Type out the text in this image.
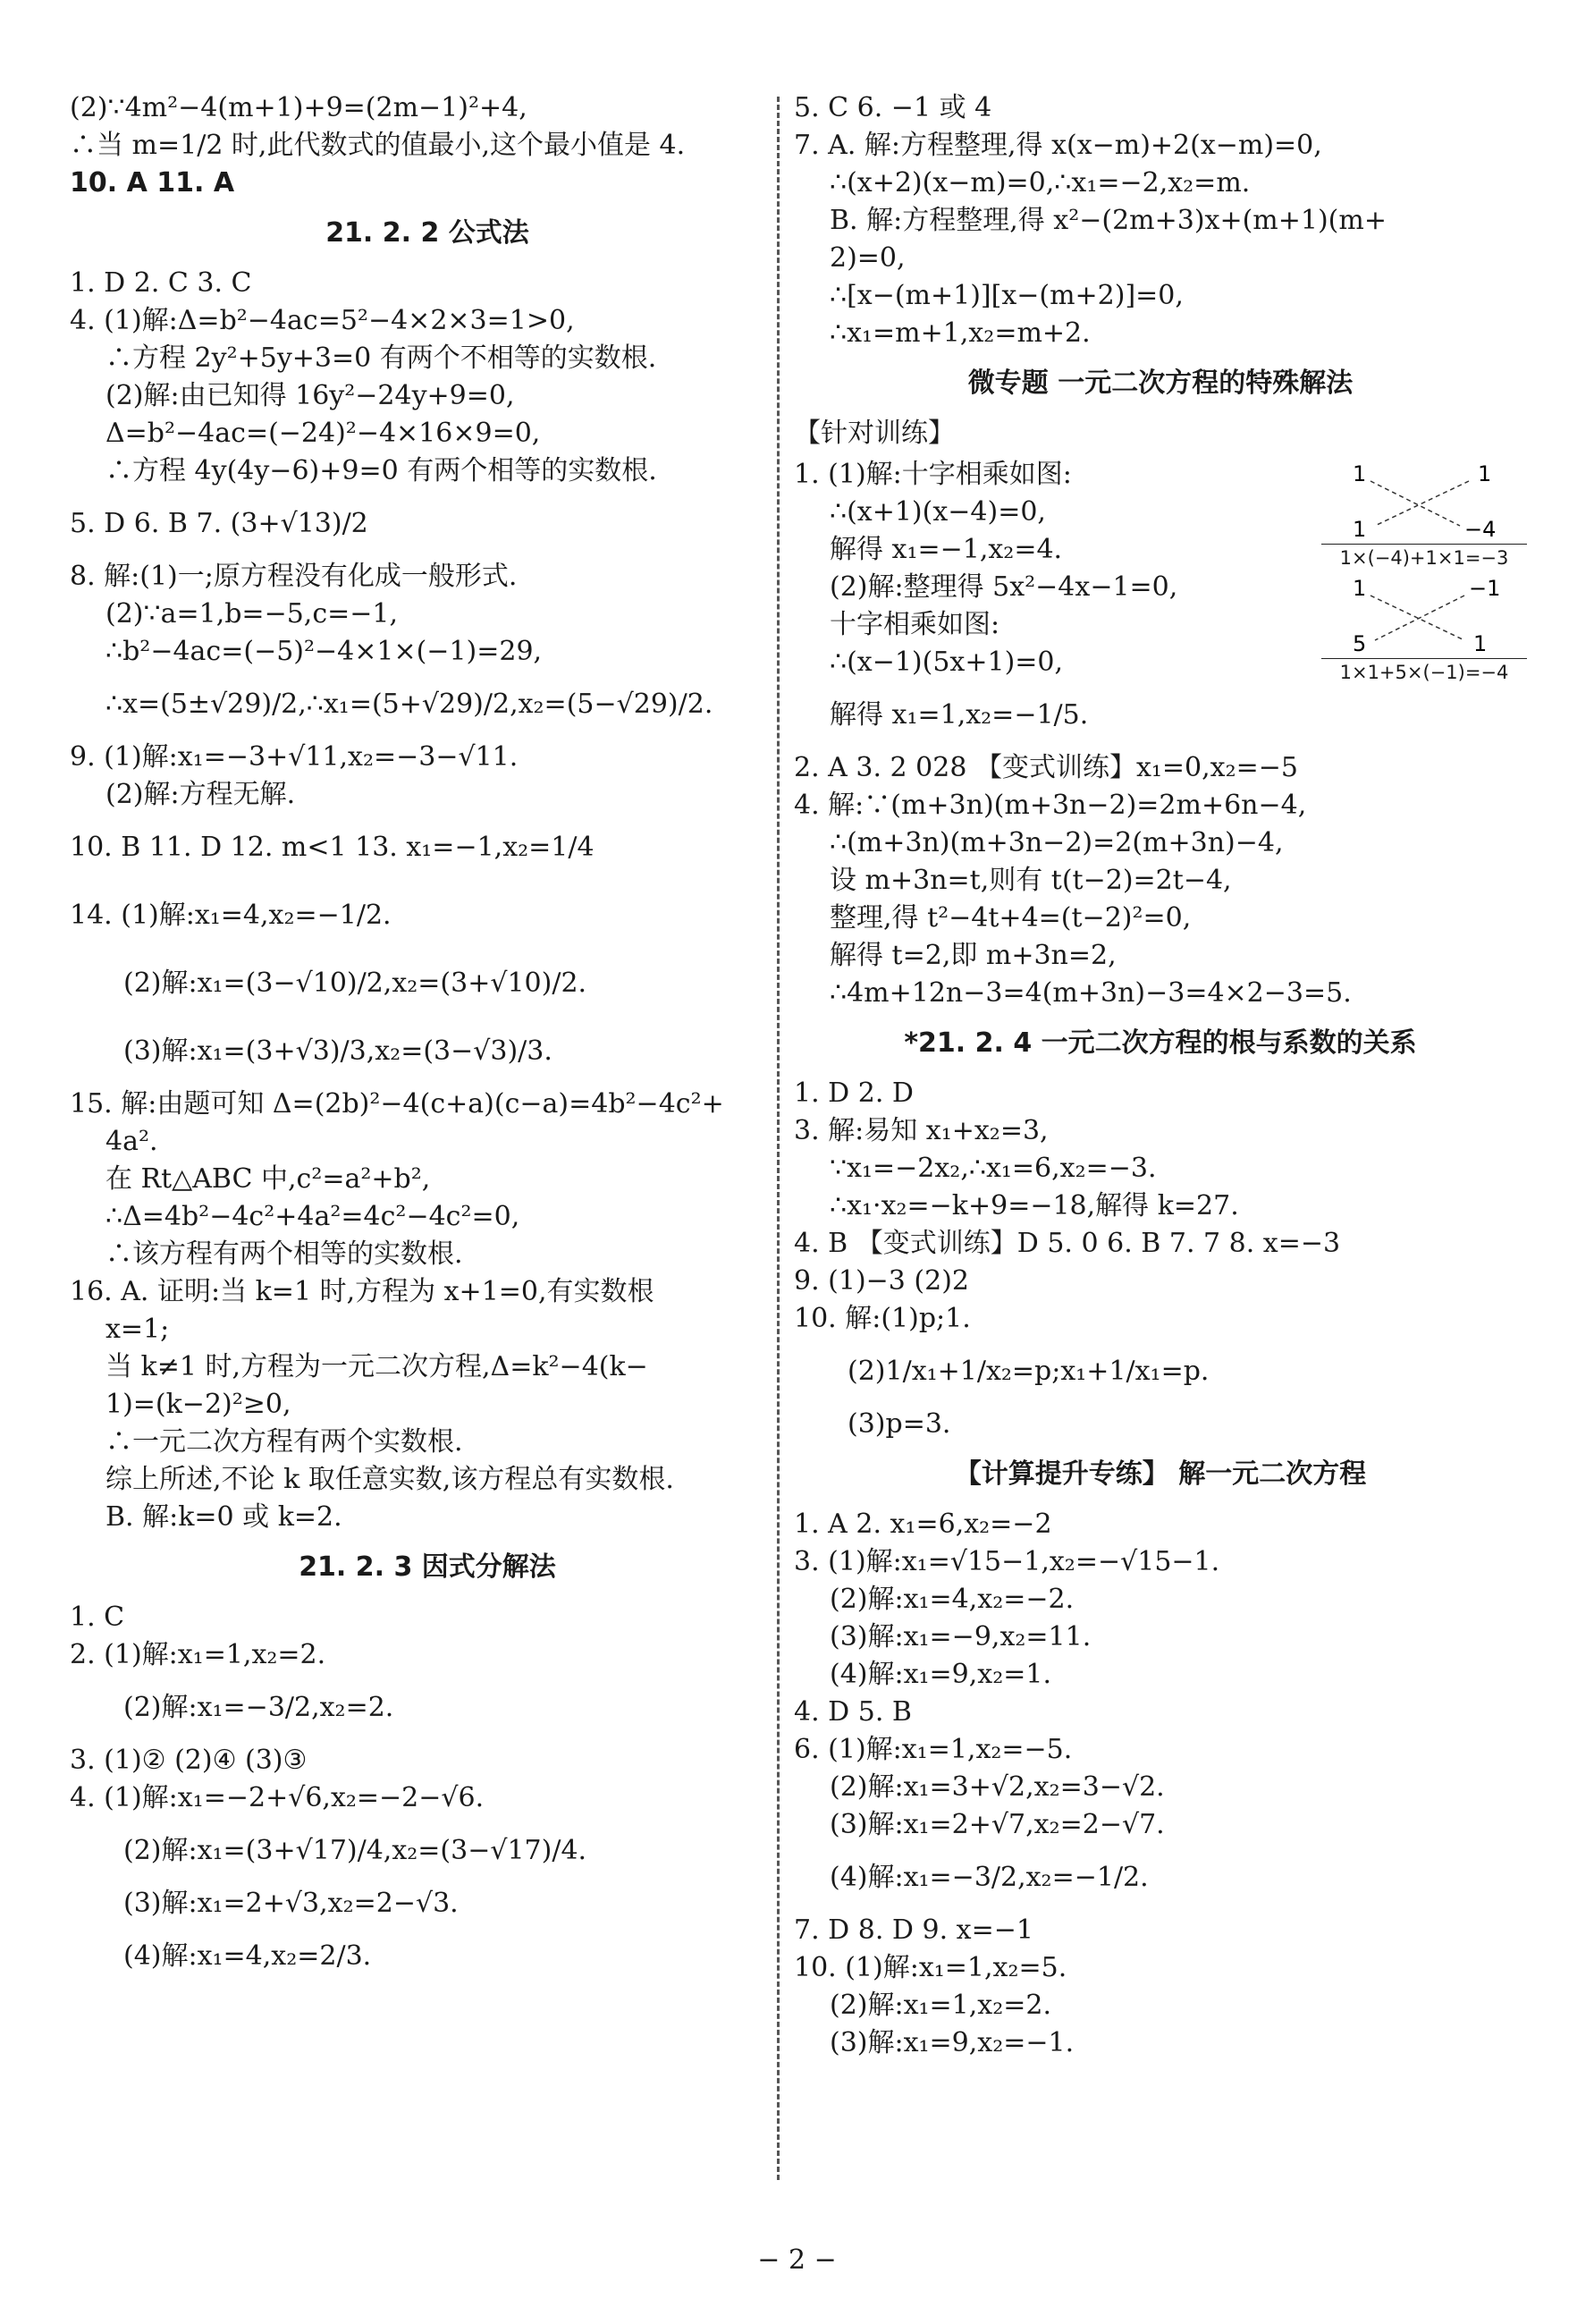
(2)∵4m²−4(m+1)+9=(2m−1)²+4,
∴当 m=1/2 时,此代数式的值最小,这个最小值是 4.
10. A 11. A
21. 2. 2 公式法
1. D 2. C 3. C
4. (1)解:Δ=b²−4ac=5²−4×2×3=1>0,
∴方程 2y²+5y+3=0 有两个不相等的实数根.
(2)解:由已知得 16y²−24y+9=0,
Δ=b²−4ac=(−24)²−4×16×9=0,
∴方程 4y(4y−6)+9=0 有两个相等的实数根.
5. D 6. B 7. (3+√13)/2
8. 解:(1)一;原方程没有化成一般形式.
(2)∵a=1,b=−5,c=−1,
∴b²−4ac=(−5)²−4×1×(−1)=29,
∴x=(5±√29)/2,∴x₁=(5+√29)/2,x₂=(5−√29)/2.
9. (1)解:x₁=−3+√11,x₂=−3−√11.
(2)解:方程无解.
10. B 11. D 12. m<1 13. x₁=−1,x₂=1/4
14. (1)解:x₁=4,x₂=−1/2.
(2)解:x₁=(3−√10)/2,x₂=(3+√10)/2.
(3)解:x₁=(3+√3)/3,x₂=(3−√3)/3.
15. 解:由题可知 Δ=(2b)²−4(c+a)(c−a)=4b²−4c²+
4a².
在 Rt△ABC 中,c²=a²+b²,
∴Δ=4b²−4c²+4a²=4c²−4c²=0,
∴该方程有两个相等的实数根.
16. A. 证明:当 k=1 时,方程为 x+1=0,有实数根
x=1;
当 k≠1 时,方程为一元二次方程,Δ=k²−4(k−
1)=(k−2)²≥0,
∴一元二次方程有两个实数根.
综上所述,不论 k 取任意实数,该方程总有实数根.
B. 解:k=0 或 k=2.
21. 2. 3 因式分解法
1. C
2. (1)解:x₁=1,x₂=2.
(2)解:x₁=−3/2,x₂=2.
3. (1)② (2)④ (3)③
4. (1)解:x₁=−2+√6,x₂=−2−√6.
(2)解:x₁=(3+√17)/4,x₂=(3−√17)/4.
(3)解:x₁=2+√3,x₂=2−√3.
(4)解:x₁=4,x₂=2/3.
5. C 6. −1 或 4
7. A. 解:方程整理,得 x(x−m)+2(x−m)=0,
∴(x+2)(x−m)=0,∴x₁=−2,x₂=m.
B. 解:方程整理,得 x²−(2m+3)x+(m+1)(m+
2)=0,
∴[x−(m+1)][x−(m+2)]=0,
∴x₁=m+1,x₂=m+2.
微专题 一元二次方程的特殊解法
【针对训练】
1	1
1	−4
1×(−4)+1×1=−3
1. (1)解:十字相乘如图:
∴(x+1)(x−4)=0,
解得 x₁=−1,x₂=4.
1	−1
5	1
1×1+5×(−1)=−4
(2)解:整理得 5x²−4x−1=0,
十字相乘如图:
∴(x−1)(5x+1)=0,
解得 x₁=1,x₂=−1/5.
2. A 3. 2 028 【变式训练】x₁=0,x₂=−5
4. 解:∵(m+3n)(m+3n−2)=2m+6n−4,
∴(m+3n)(m+3n−2)=2(m+3n)−4,
设 m+3n=t,则有 t(t−2)=2t−4,
整理,得 t²−4t+4=(t−2)²=0,
解得 t=2,即 m+3n=2,
∴4m+12n−3=4(m+3n)−3=4×2−3=5.
*21. 2. 4 一元二次方程的根与系数的关系
1. D 2. D
3. 解:易知 x₁+x₂=3,
∵x₁=−2x₂,∴x₁=6,x₂=−3.
∴x₁·x₂=−k+9=−18,解得 k=27.
4. B 【变式训练】D 5. 0 6. B 7. 7 8. x=−3
9. (1)−3 (2)2
10. 解:(1)p;1.
(2)1/x₁+1/x₂=p;x₁+1/x₁=p.
(3)p=3.
【计算提升专练】 解一元二次方程
1. A 2. x₁=6,x₂=−2
3. (1)解:x₁=√15−1,x₂=−√15−1.
(2)解:x₁=4,x₂=−2.
(3)解:x₁=−9,x₂=11.
(4)解:x₁=9,x₂=1.
4. D 5. B
6. (1)解:x₁=1,x₂=−5.
(2)解:x₁=3+√2,x₂=3−√2.
(3)解:x₁=2+√7,x₂=2−√7.
(4)解:x₁=−3/2,x₂=−1/2.
7. D 8. D 9. x=−1
10. (1)解:x₁=1,x₂=5.
(2)解:x₁=1,x₂=2.
(3)解:x₁=9,x₂=−1.
− 2 −
